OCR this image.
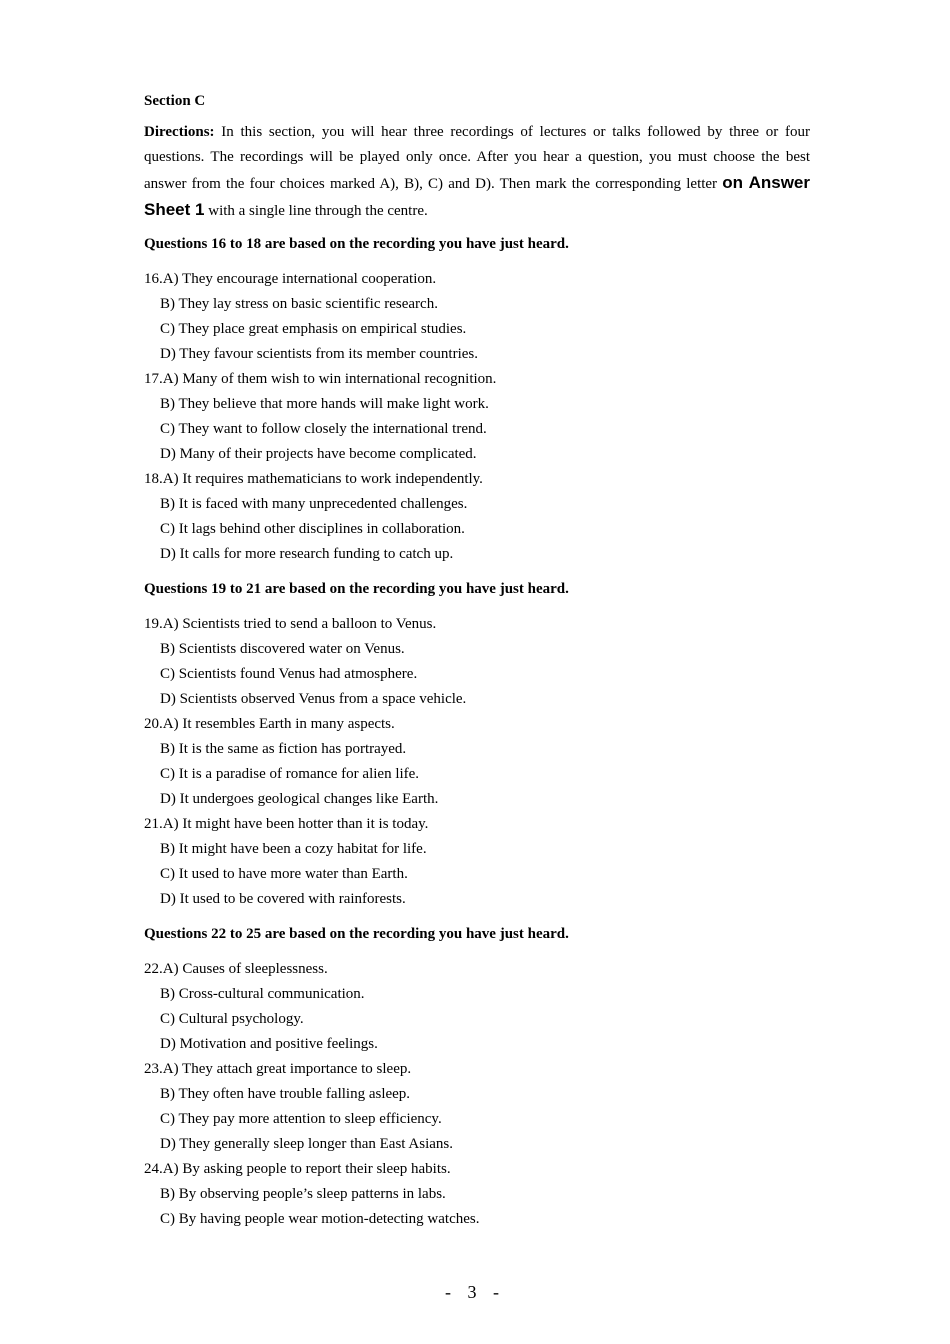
Section C
Directions: In this section, you will hear three recordings of lectures or talks followed by three or four questions. The recordings will be played only once. After you hear a question, you must choose the best answer from the four choices marked A), B), C) and D). Then mark the corresponding letter on Answer Sheet 1 with a single line through the centre.
Questions 16 to 18 are based on the recording you have just heard.
16.A) They encourage international cooperation.
B) They lay stress on basic scientific research.
C) They place great emphasis on empirical studies.
D) They favour scientists from its member countries.
17.A) Many of them wish to win international recognition.
B) They believe that more hands will make light work.
C) They want to follow closely the international trend.
D) Many of their projects have become complicated.
18.A) It requires mathematicians to work independently.
B) It is faced with many unprecedented challenges.
C) It lags behind other disciplines in collaboration.
D) It calls for more research funding to catch up.
Questions 19 to 21 are based on the recording you have just heard.
19.A) Scientists tried to send a balloon to Venus.
B) Scientists discovered water on Venus.
C) Scientists found Venus had atmosphere.
D) Scientists observed Venus from a space vehicle.
20.A) It resembles Earth in many aspects.
B) It is the same as fiction has portrayed.
C) It is a paradise of romance for alien life.
D) It undergoes geological changes like Earth.
21.A) It might have been hotter than it is today.
B) It might have been a cozy habitat for life.
C) It used to have more water than Earth.
D) It used to be covered with rainforests.
Questions 22 to 25 are based on the recording you have just heard.
22.A) Causes of sleeplessness.
B) Cross-cultural communication.
C) Cultural psychology.
D) Motivation and positive feelings.
23.A) They attach great importance to sleep.
B) They often have trouble falling asleep.
C) They pay more attention to sleep efficiency.
D) They generally sleep longer than East Asians.
24.A) By asking people to report their sleep habits.
B) By observing people’s sleep patterns in labs.
C) By having people wear motion-detecting watches.
- 3 -
